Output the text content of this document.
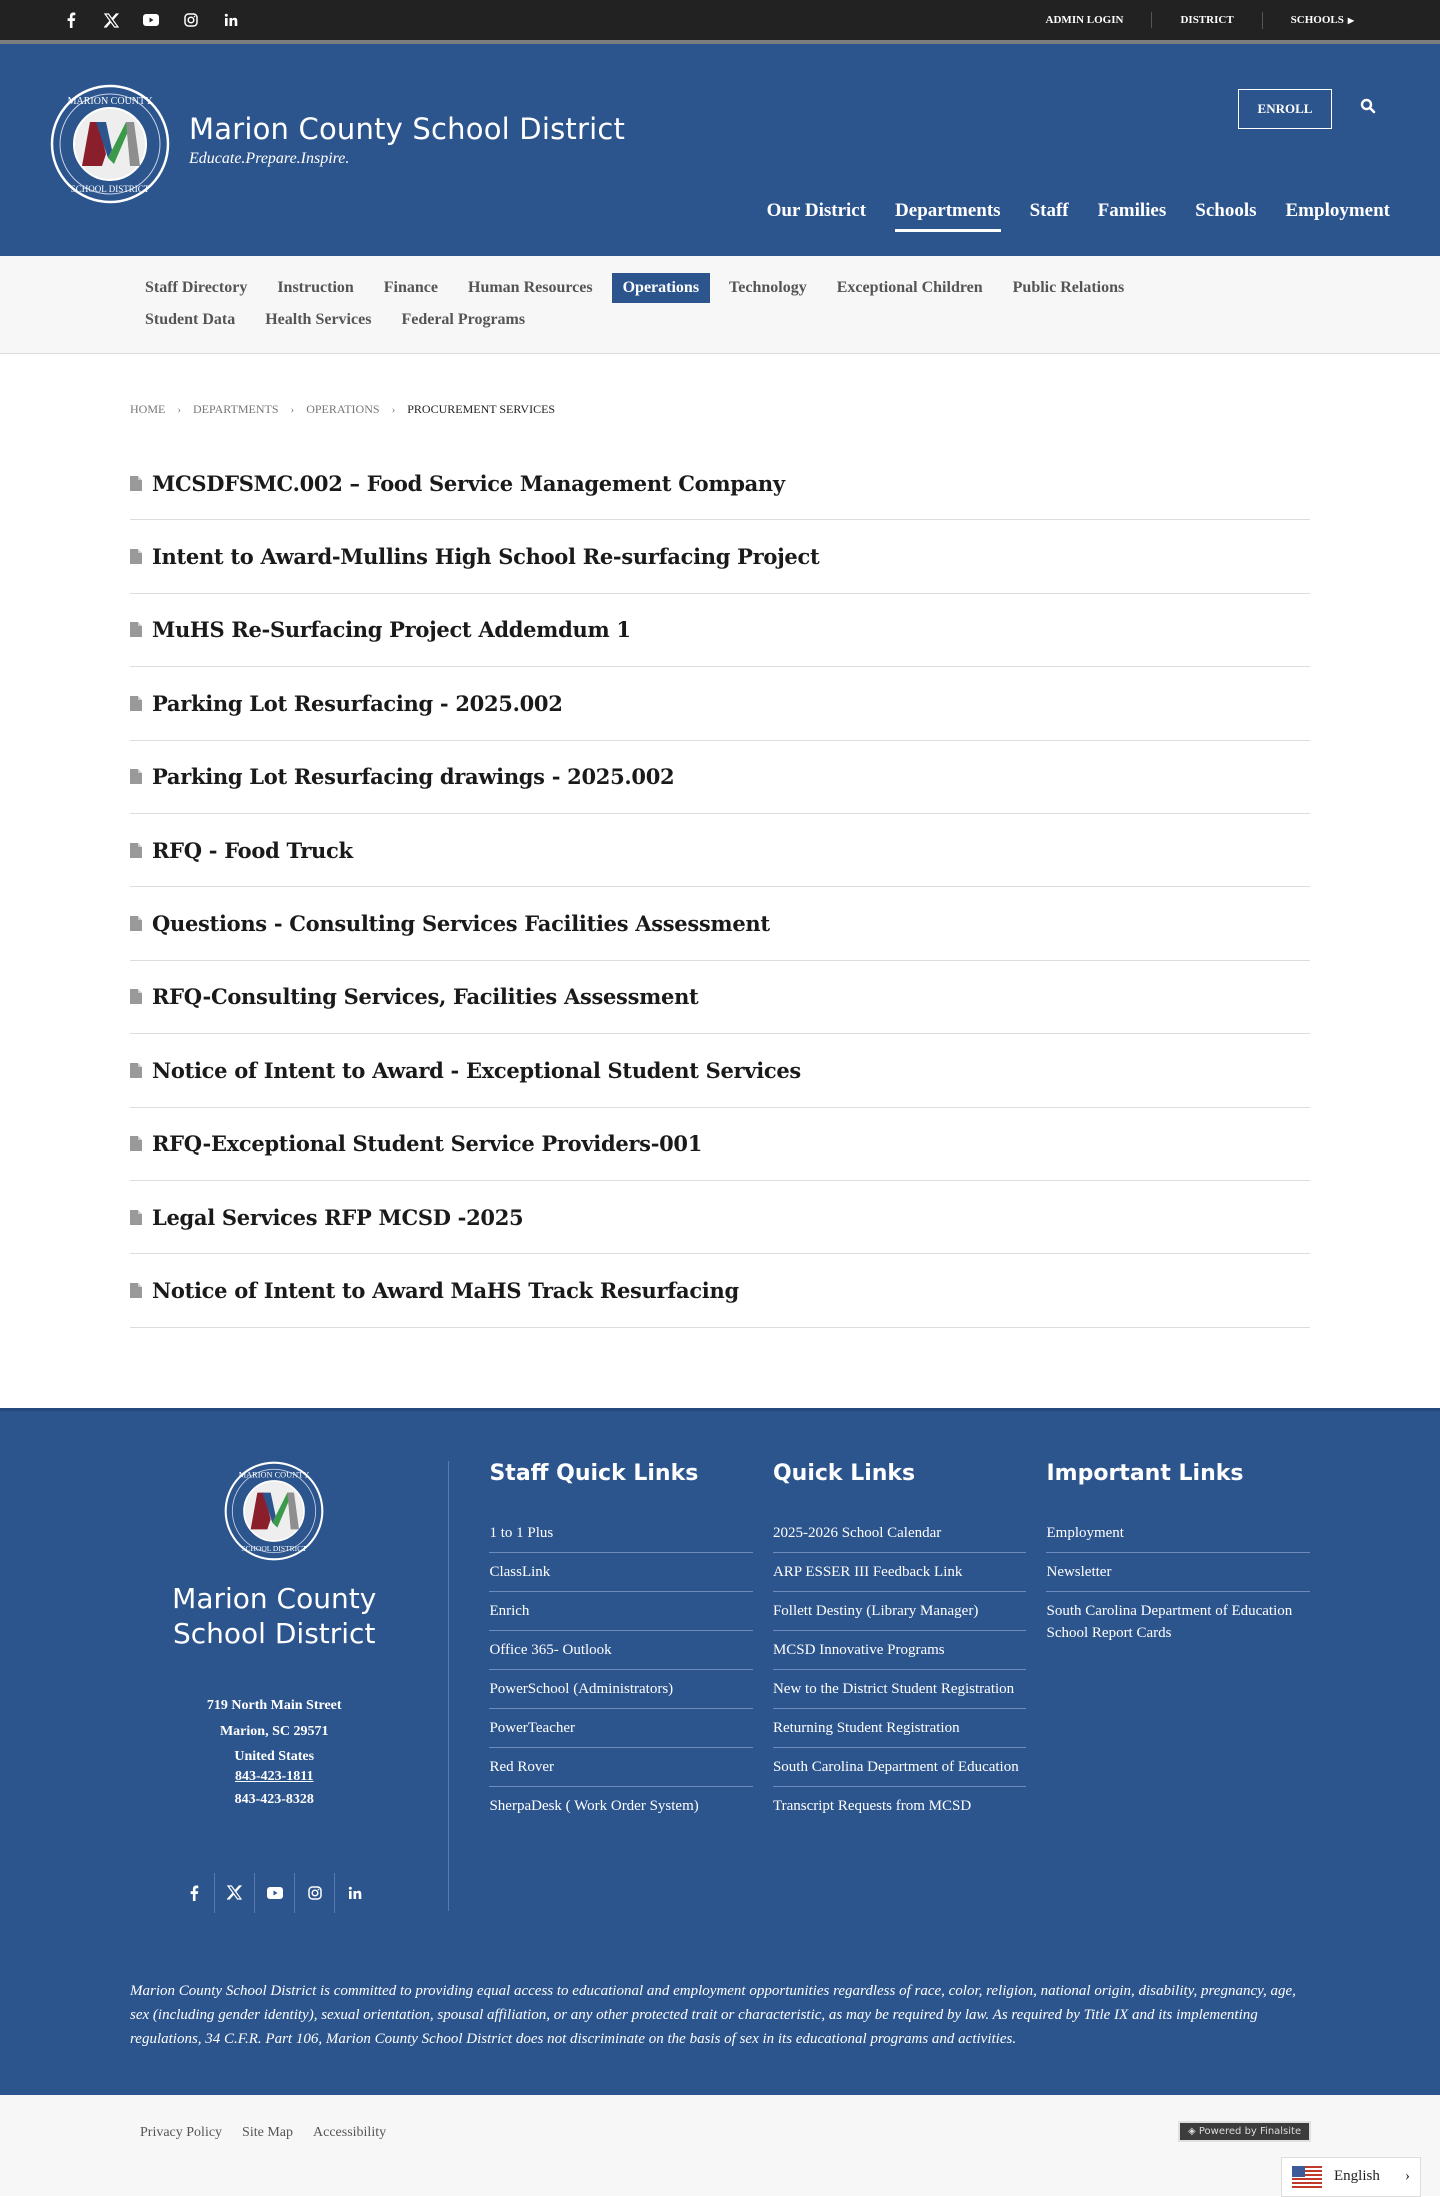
ADMIN LOGIN	DISTRICT	SCHOOLS ▶
MARION COUNTY
SCHOOL DISTRICT
Marion County School District
Educate.Prepare.Inspire.
ENROLL
Our District Departments Staff Families Schools Employment
Staff Directory	Instruction	Finance	Human Resources	Operations	Technology	Exceptional Children	Public Relations
Student Data	Health Services	Federal Programs
HOME › DEPARTMENTS › OPERATIONS › PROCUREMENT SERVICES
MCSDFSMC.002 – Food Service Management Company
Intent to Award-Mullins High School Re-surfacing Project
MuHS Re-Surfacing Project Addemdum 1
Parking Lot Resurfacing - 2025.002
Parking Lot Resurfacing drawings - 2025.002
RFQ - Food Truck
Questions - Consulting Services Facilities Assessment
RFQ-Consulting Services, Facilities Assessment
Notice of Intent to Award - Exceptional Student Services
RFQ-Exceptional Student Service Providers-001
Legal Services RFP MCSD -2025
Notice of Intent to Award MaHS Track Resurfacing
MARION COUNTY
SCHOOL DISTRICT
Marion County
School District
719 North Main Street
Marion, SC 29571
United States
843-423-1811
843-423-8328
Staff Quick Links
1 to 1 Plus
ClassLink
Enrich
Office 365- Outlook
PowerSchool (Administrators)
PowerTeacher
Red Rover
SherpaDesk ( Work Order System)
Quick Links
2025-2026 School Calendar
ARP ESSER III Feedback Link
Follett Destiny (Library Manager)
MCSD Innovative Programs
New to the District Student Registration
Returning Student Registration
South Carolina Department of Education
Transcript Requests from MCSD
Important Links
Employment
Newsletter
South Carolina Department of Education School Report Cards

Marion County School District is committed to providing equal access to educational and employment opportunities regardless of race, color, religion, national origin, disability, pregnancy, age, sex (including gender identity), sexual orientation, spousal affiliation, or any other protected trait or characteristic, as may be required by law. As required by Title IX and its implementing regulations, 34 C.F.R. Part 106, Marion County School District does not discriminate on the basis of sex in its educational programs and activities.

Privacy Policy Site Map Accessibility	◈ Powered by Finalsite
English ›
